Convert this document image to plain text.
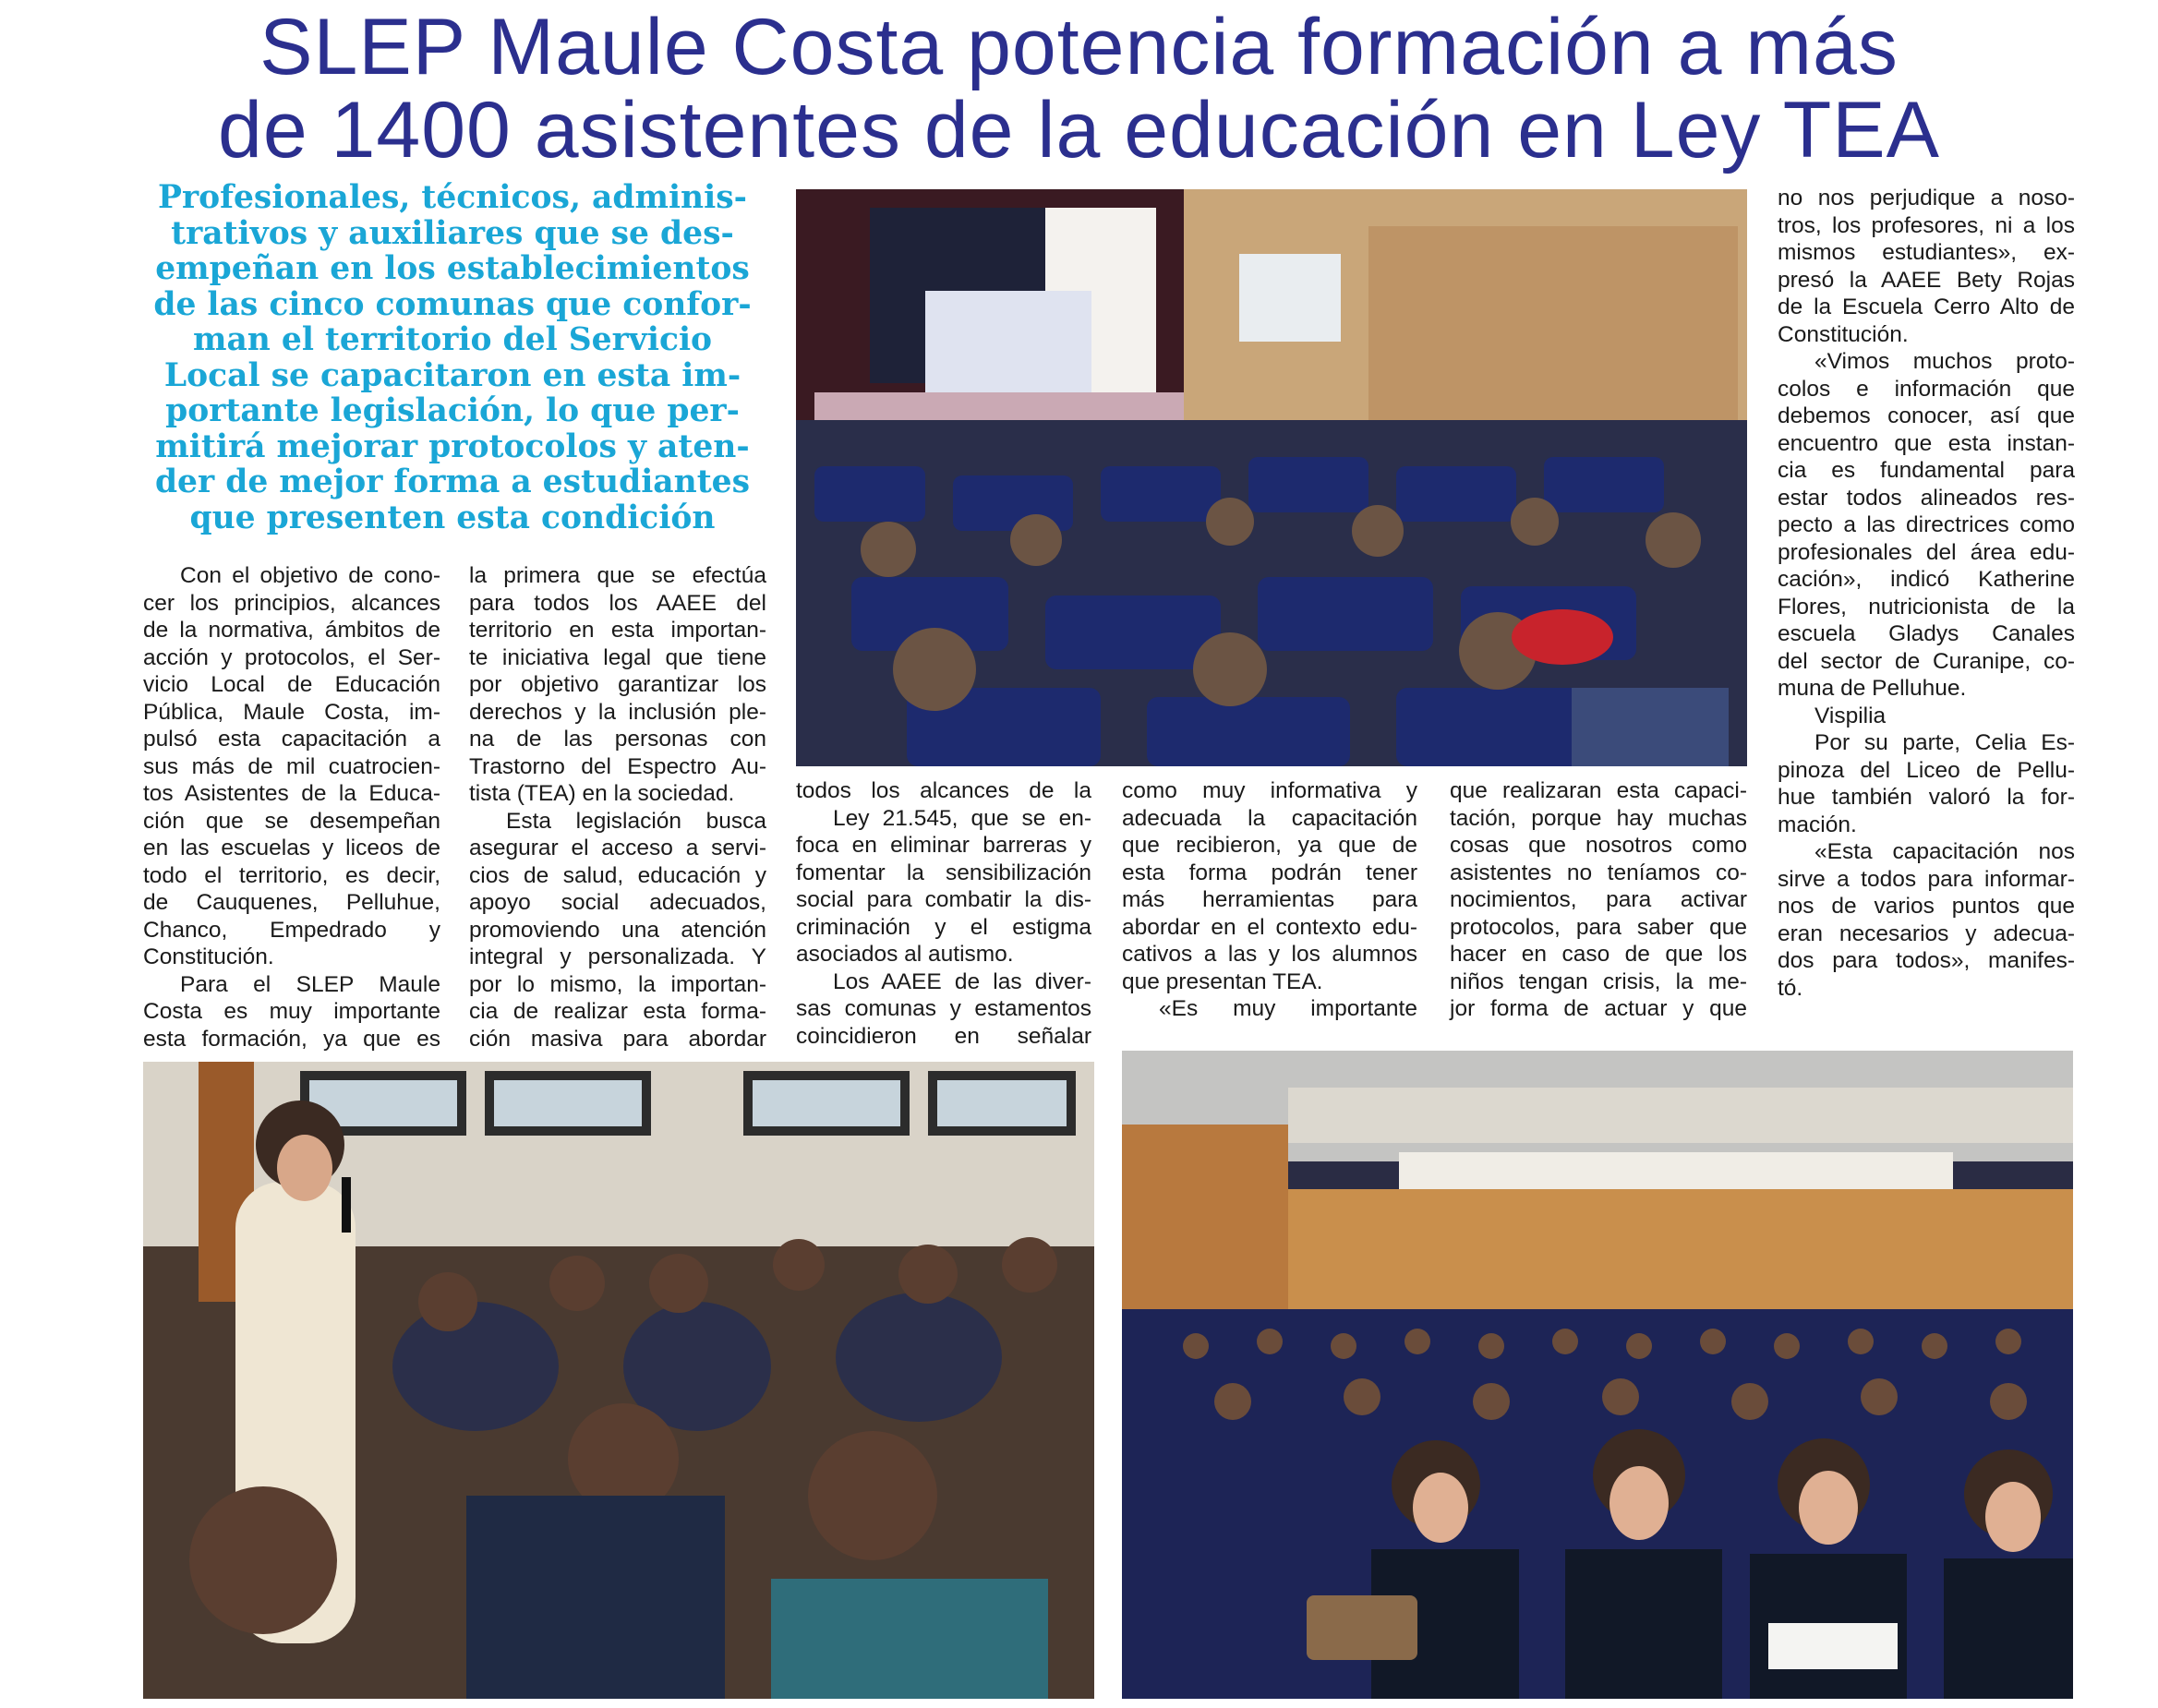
SLEP Maule Costa potencia formación a más
de 1400 asistentes de la educación en Ley TEA
Profesionales, técnicos, adminis-
trativos y auxiliares que se des-
empeñan en los establecimientos
de las cinco comunas que confor-
man el territorio del Servicio
Local se capacitaron en esta im-
portante legislación, lo que per-
mitirá mejorar protocolos y aten-
der de mejor forma a estudiantes
que presenten esta condición
Con el objetivo de cono-
cer los principios, alcances
de la normativa, ámbitos de
acción y protocolos, el Ser-
vicio Local de Educación
Pública, Maule Costa, im-
pulsó esta capacitación a
sus más de mil cuatrocien-
tos Asistentes de la Educa-
ción que se desempeñan
en las escuelas y liceos de
todo el territorio, es decir,
de Cauquenes, Pelluhue,
Chanco, Empedrado y
Constitución.
Para el SLEP Maule
Costa es muy importante
esta formación, ya que es
la primera que se efectúa
para todos los AAEE del
territorio en esta importan-
te iniciativa legal que tiene
por objetivo garantizar los
derechos y la inclusión ple-
na de las personas con
Trastorno del Espectro Au-
tista (TEA) en la sociedad.
Esta legislación busca
asegurar el acceso a servi-
cios de salud, educación y
apoyo social adecuados,
promoviendo una atención
integral y personalizada. Y
por lo mismo, la importan-
cia de realizar esta forma-
ción masiva para abordar
todos los alcances de la
Ley 21.545, que se en-
foca en eliminar barreras y
fomentar la sensibilización
social para combatir la dis-
criminación y el estigma
asociados al autismo.
Los AAEE de las diver-
sas comunas y estamentos
coincidieron en señalar
como muy informativa y
adecuada la capacitación
que recibieron, ya que de
esta forma podrán tener
más herramientas para
abordar en el contexto edu-
cativos a las y los alumnos
que presentan TEA.
«Es muy importante
que realizaran esta capaci-
tación, porque hay muchas
cosas que nosotros como
asistentes no teníamos co-
nocimientos, para activar
protocolos, para saber que
hacer en caso de que los
niños tengan crisis, la me-
jor forma de actuar y que
no nos perjudique a noso-
tros, los profesores, ni a los
mismos estudiantes», ex-
presó la AAEE Bety Rojas
de la Escuela Cerro Alto de
Constitución.
«Vimos muchos proto-
colos e información que
debemos conocer, así que
encuentro que esta instan-
cia es fundamental para
estar todos alineados res-
pecto a las directrices como
profesionales del área edu-
cación», indicó Katherine
Flores, nutricionista de la
escuela Gladys Canales
del sector de Curanipe, co-
muna de Pelluhue.
Vispilia
Por su parte, Celia Es-
pinoza del Liceo de Pellu-
hue también valoró la for-
mación.
«Esta capacitación nos
sirve a todos para informar-
nos de varios puntos que
eran necesarios y adecua-
dos para todos», manifes-
tó.
